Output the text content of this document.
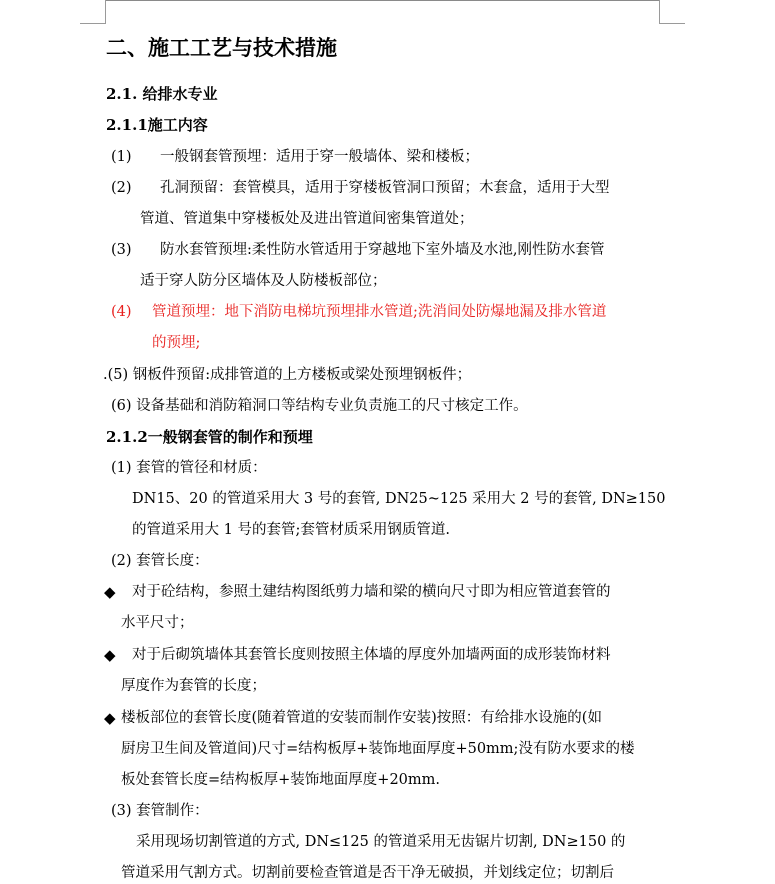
二、施工工艺与技术措施
2.1. 给排水专业
2.1.1施工内容
(1) 一般钢套管预埋：适用于穿一般墙体、梁和楼板；
(2) 孔洞预留：套管模具，适用于穿楼板管洞口预留；木套盒，适用于大型
管道、管道集中穿楼板处及进出管道间密集管道处；
(3) 防水套管预埋:柔性防水管适用于穿越地下室外墙及水池,刚性防水套管
适于穿人防分区墙体及人防楼板部位；
(4) 管道预埋：地下消防电梯坑预埋排水管道;洗消间处防爆地漏及排水管道
的预埋;
.(5) 钢板件预留:成排管道的上方楼板或梁处预埋钢板件；
(6) 设备基础和消防箱洞口等结构专业负责施工的尺寸核定工作。
2.1.2一般钢套管的制作和预埋
(1) 套管的管径和材质：
DN15、20 的管道采用大 3 号的套管, DN25~125 采用大 2 号的套管, DN≥150
的管道采用大 1 号的套管;套管材质采用钢质管道.
(2) 套管长度：
◆ 对于砼结构，参照土建结构图纸剪力墙和梁的横向尺寸即为相应管道套管的
水平尺寸；
◆ 对于后砌筑墙体其套管长度则按照主体墙的厚度外加墙两面的成形装饰材料
厚度作为套管的长度；
◆ 楼板部位的套管长度(随着管道的安装而制作安装)按照：有给排水设施的(如
厨房卫生间及管道间)尺寸=结构板厚+装饰地面厚度+50mm;没有防水要求的楼
板处套管长度=结构板厚+装饰地面厚度+20mm.
(3) 套管制作：
采用现场切割管道的方式, DN≤125 的管道采用无齿锯片切割, DN≥150 的
管道采用气割方式。切割前要检查管道是否干净无破损，并划线定位；切割后
